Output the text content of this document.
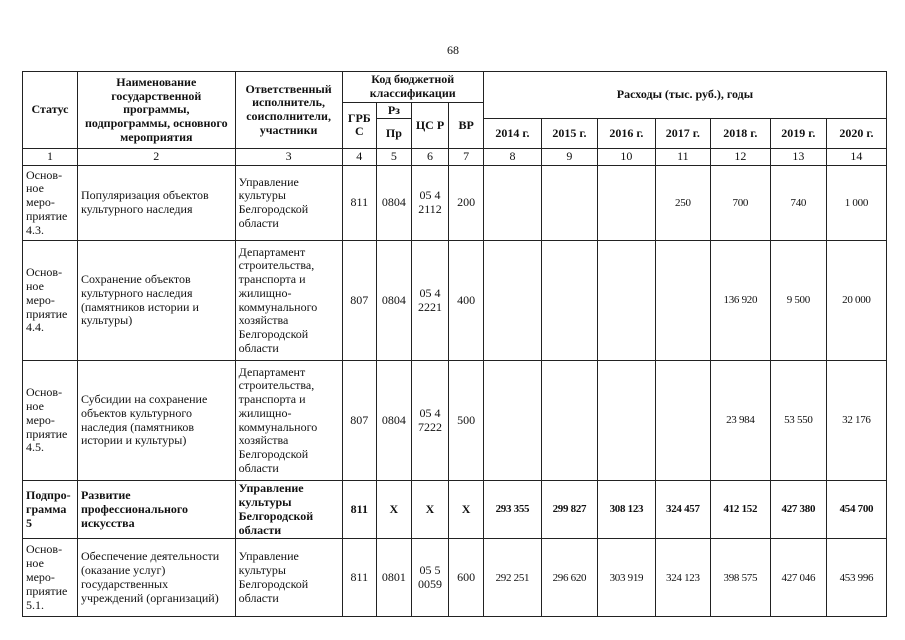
68
Статус	Наименование государственной программы, подпрограммы, основного мероприятия	Ответственный исполнитель, соисполнители, участники	Код бюджетной классификации				Расходы (тыс. руб.), годы						
			ГРБ С	Рз	ЦС Р	ВР							
				Пр			2014 г.	2015 г.	2016 г.	2017 г.	2018 г.	2019 г.	2020 г.
1	2	3	4	5	6	7	8	9	10	11	12	13	14
Основ-ное меро-приятие 4.3.	Популяризация объектов культурного наследия	Управление культуры Белгородской области	811	0804	05 4 2112	200				250	700	740	1 000
Основ-ное меро-приятие 4.4.	Сохранение объектов культурного наследия (памятников истории и культуры)	Департамент строительства, транспорта и жилищно-коммунального хозяйства Белгородской области	807	0804	05 4 2221	400					136 920	9 500	20 000
Основ-ное меро-приятие 4.5.	Субсидии на сохранение объектов культурного наследия (памятников истории и культуры)	Департамент строительства, транспорта и жилищно-коммунального хозяйства Белгородской области	807	0804	05 4 7222	500					23 984	53 550	32 176
Подпро-грамма 5	Развитие профессионального искусства	Управление культуры Белгородской области	811	X	X	X	293 355	299 827	308 123	324 457	412 152	427 380	454 700
Основ-ное меро-приятие 5.1.	Обеспечение деятельности (оказание услуг) государственных учреждений (организаций)	Управление культуры Белгородской области	811	0801	05 5 0059	600	292 251	296 620	303 919	324 123	398 575	427 046	453 996
